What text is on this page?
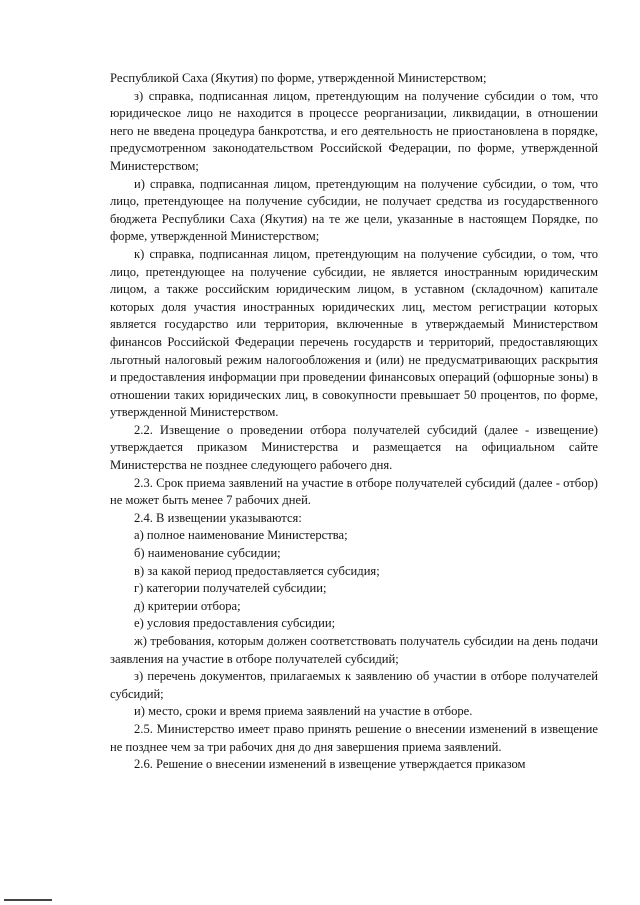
Республикой Саха (Якутия) по форме, утвержденной Министерством;

з) справка, подписанная лицом, претендующим на получение субсидии о том, что юридическое лицо не находится в процессе реорганизации, ликвидации, в отношении него не введена процедура банкротства, и его деятельность не приостановлена в порядке, предусмотренном законодательством Российской Федерации, по форме, утвержденной Министерством;

и) справка, подписанная лицом, претендующим на получение субсидии, о том, что лицо, претендующее на получение субсидии, не получает средства из государственного бюджета Республики Саха (Якутия) на те же цели, указанные в настоящем Порядке, по форме, утвержденной Министерством;

к) справка, подписанная лицом, претендующим на получение субсидии, о том, что лицо, претендующее на получение субсидии, не является иностранным юридическим лицом, а также российским юридическим лицом, в уставном (складочном) капитале которых доля участия иностранных юридических лиц, местом регистрации которых является государство или территория, включенные в утверждаемый Министерством финансов Российской Федерации перечень государств и территорий, предоставляющих льготный налоговый режим налогообложения и (или) не предусматривающих раскрытия и предоставления информации при проведении финансовых операций (офшорные зоны) в отношении таких юридических лиц, в совокупности превышает 50 процентов, по форме, утвержденной Министерством.

2.2. Извещение о проведении отбора получателей субсидий (далее - извещение) утверждается приказом Министерства и размещается на официальном сайте Министерства не позднее следующего рабочего дня.

2.3. Срок приема заявлений на участие в отборе получателей субсидий (далее - отбор) не может быть менее 7 рабочих дней.

2.4. В извещении указываются:

а) полное наименование Министерства;

б) наименование субсидии;

в) за какой период предоставляется субсидия;

г) категории получателей субсидии;

д) критерии отбора;

е) условия предоставления субсидии;

ж) требования, которым должен соответствовать получатель субсидии на день подачи заявления на участие в отборе получателей субсидий;

з) перечень документов, прилагаемых к заявлению об участии в отборе получателей субсидий;

и) место, сроки и время приема заявлений на участие в отборе.

2.5. Министерство имеет право принять решение о внесении изменений в извещение не позднее чем за три рабочих дня до дня завершения приема заявлений.

2.6. Решение о внесении изменений в извещение утверждается приказом
